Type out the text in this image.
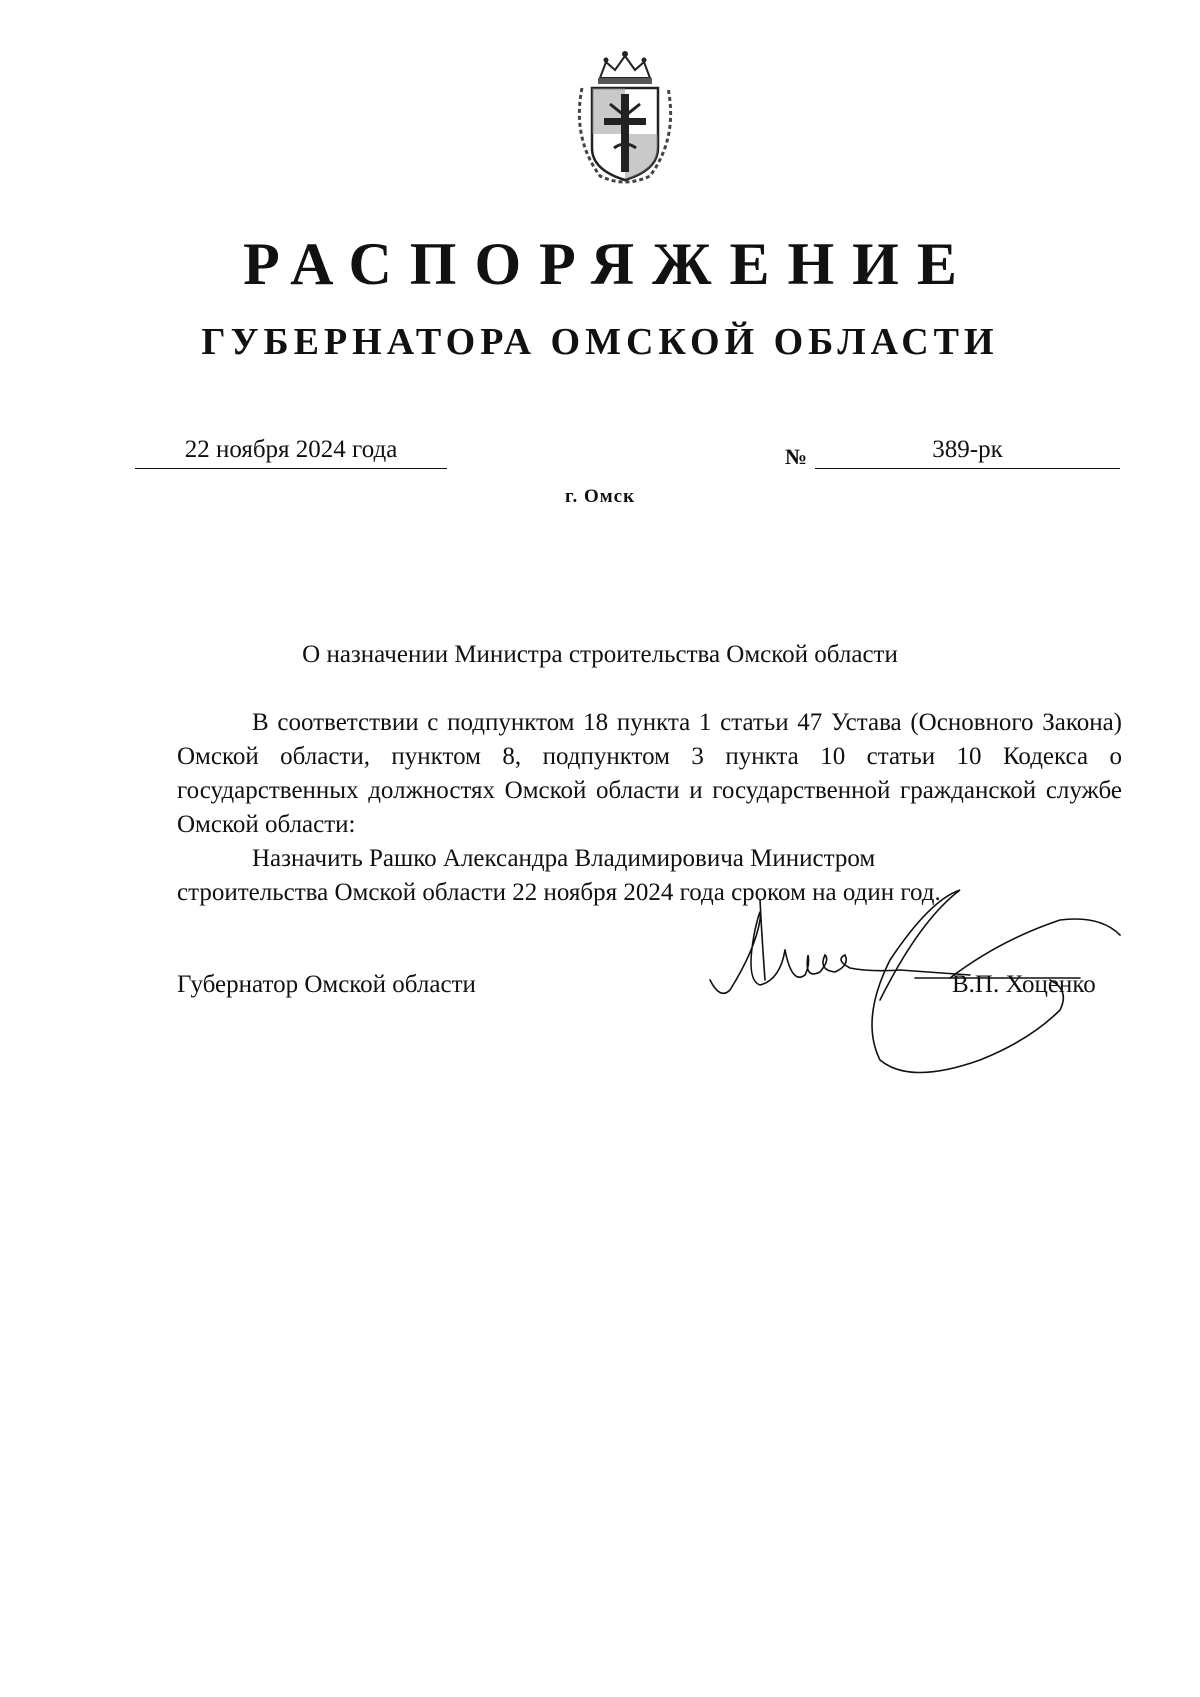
РАСПОРЯЖЕНИЕ
ГУБЕРНАТОРА ОМСКОЙ ОБЛАСТИ
22 ноября 2024 года	№	389-рк
г. Омск
О назначении Министра строительства Омской области

В соответствии с подпунктом 18 пункта 1 статьи 47 Устава (Основного Закона) Омской области, пунктом 8, подпунктом 3 пункта 10 статьи 10 Кодекса о государственных должностях Омской области и государственной гражданской службе Омской области:

Назначить Рашко Александра Владимировича Министром
строительства Омской области 22 ноября 2024 года сроком на один год.

Губернатор Омской области	В.П. Хоценко
